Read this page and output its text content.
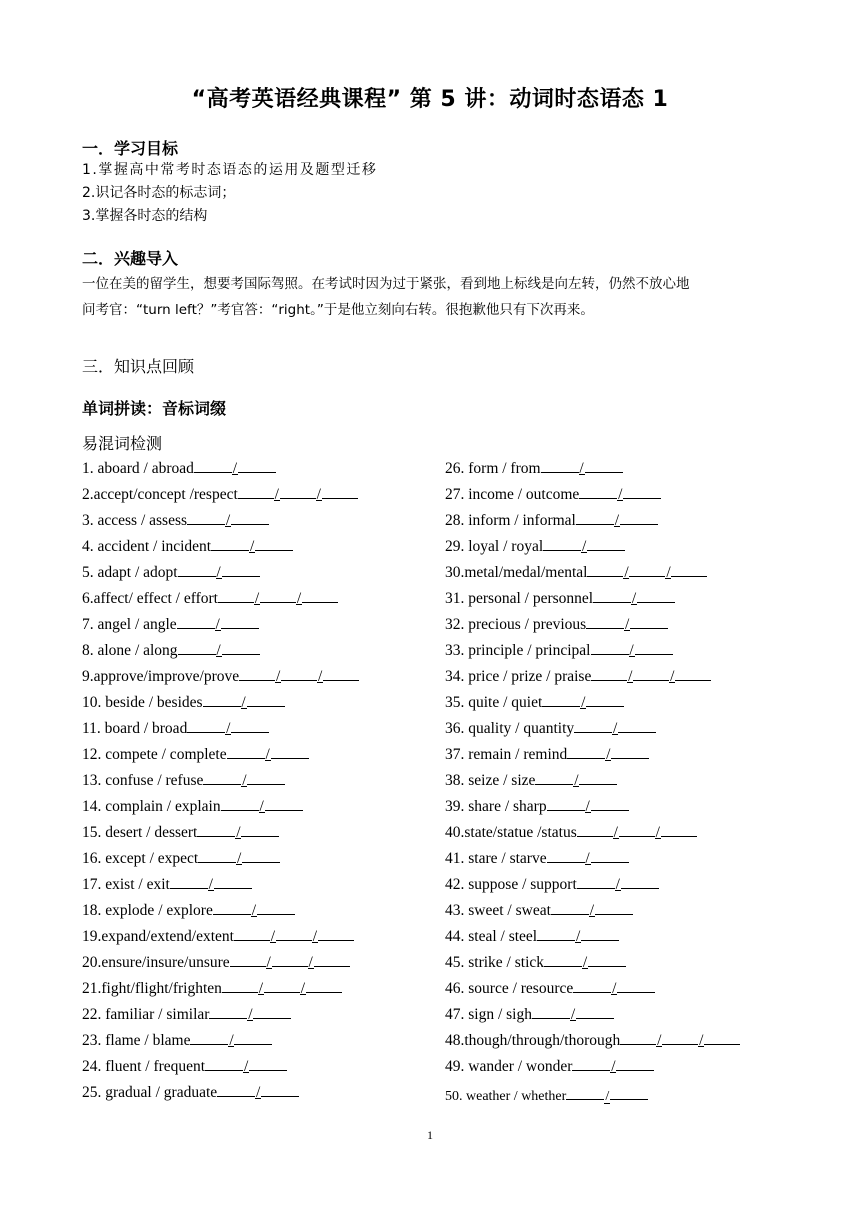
“高考英语经典课程” 第 5 讲：动词时态语态 1
一．学习目标
1.掌握高中常考时态语态的运用及题型迁移
2.识记各时态的标志词；
3.掌握各时态的结构
二．兴趣导入
一位在美的留学生，想要考国际驾照。在考试时因为过于紧张，看到地上标线是向左转，仍然不放心地
问考官：“turn left？”考官答：“right。”于是他立刻向右转。很抱歉他只有下次再来。
三．知识点回顾
单词拼读：音标词缀
易混词检测
1. aboard / abroad	/
2.accept/concept /respect / /
3. access / assess	/
4. accident / incident	/
5. adapt / adopt	/
6.affect/ effect / effort / /
7. angel / angle	/
8. alone / along	/
9.approve/improve/prove / /
10. beside / besides	/
11. board / broad	/
12. compete / complete	/
13. confuse / refuse	/
14. complain / explain	/
15. desert / dessert	/
16. except / expect	/
17. exist / exit	/
18. explode / explore	/
19.expand/extend/extent / /
20.ensure/insure/unsure / /
21.fight/flight/frighten / /
22. familiar / similar	/
23. flame / blame	/
24. fluent / frequent	/
25. gradual / graduate	/
26. form / from	/
27. income / outcome	/
28. inform / informal	/
29. loyal / royal	/
30.metal/medal/mental / /
31. personal / personnel	/
32. precious / previous	/
33. principle / principal	/
34. price / prize / praise / /
35. quite / quiet	/
36. quality / quantity	/
37. remain / remind	/
38. seize / size	/
39. share / sharp	/
40.state/statue /status / /
41. stare / starve	/
42. suppose / support	/
43. sweet / sweat	/
44. steal / steel	/
45. strike / stick	/
46. source / resource	/
47. sign / sigh	/
48.though/through/thorough / /
49. wander / wonder	/
50. weather / whether	/
1
